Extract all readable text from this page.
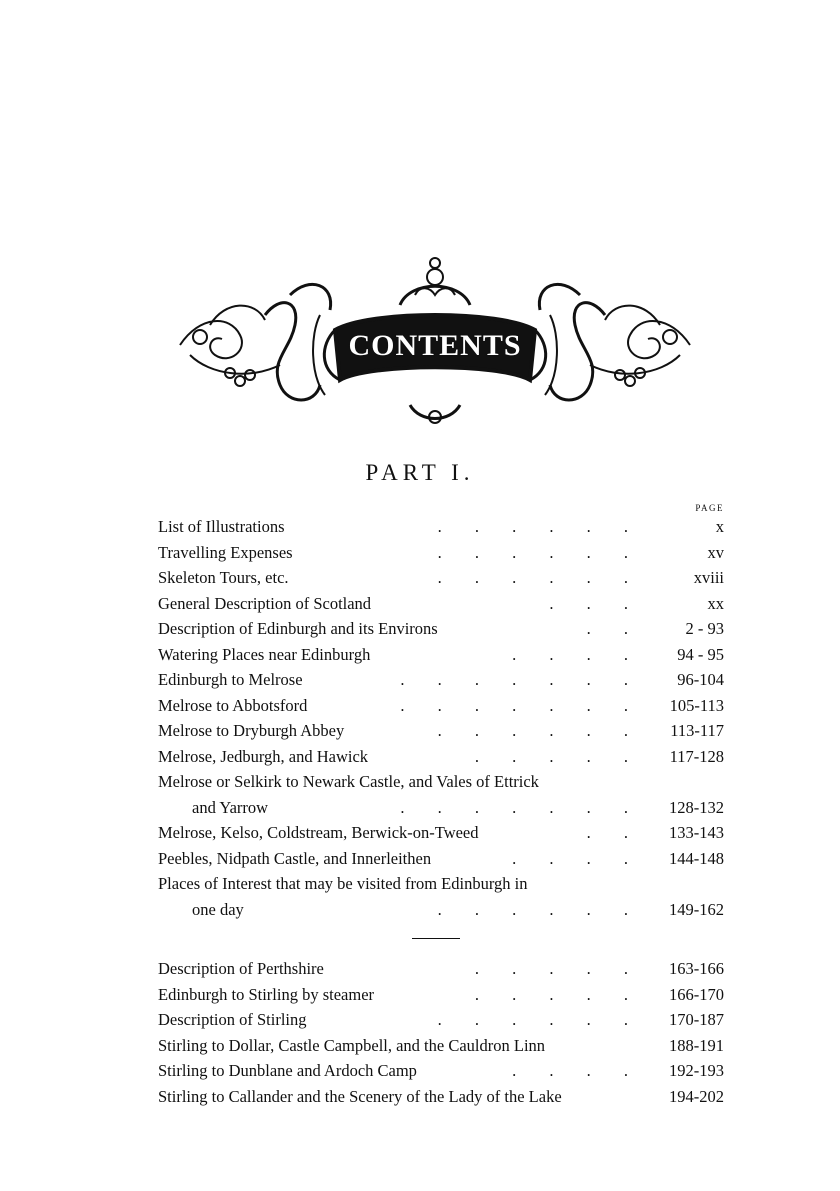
CONTENTS
PART I.
PAGE
List of Illustrations	. . . . . .	x
Travelling Expenses	. . . . . .	xv
Skeleton Tours, etc.	. . . . . .	xviii
General Description of Scotland	. . .	xx
Description of Edinburgh and its Environs	. .	2 - 93
Watering Places near Edinburgh	. . . .	94 - 95
Edinburgh to Melrose	. . . . . . .	96-104
Melrose to Abbotsford	. . . . . . .	105-113
Melrose to Dryburgh Abbey	. . . . . .	113-117
Melrose, Jedburgh, and Hawick	. . . . .	117-128
Melrose or Selkirk to Newark Castle, and Vales of Ettrick
and Yarrow	. . . . . . . 128-132
Melrose, Kelso, Coldstream, Berwick-on-Tweed	. . 133-143
Peebles, Nidpath Castle, and Innerleithen	. . . . 144-148
Places of Interest that may be visited from Edinburgh in
one day	. . . . . . 149-162
Description of Perthshire	. . . . . 163-166
Edinburgh to Stirling by steamer	. . . . . 166-170
Description of Stirling	. . . . . . 170-187
Stirling to Dollar, Castle Campbell, and the Cauldron Linn	188-191
Stirling to Dunblane and Ardoch Camp	. . . . 192-193
Stirling to Callander and the Scenery of the Lady of the Lake	194-202
